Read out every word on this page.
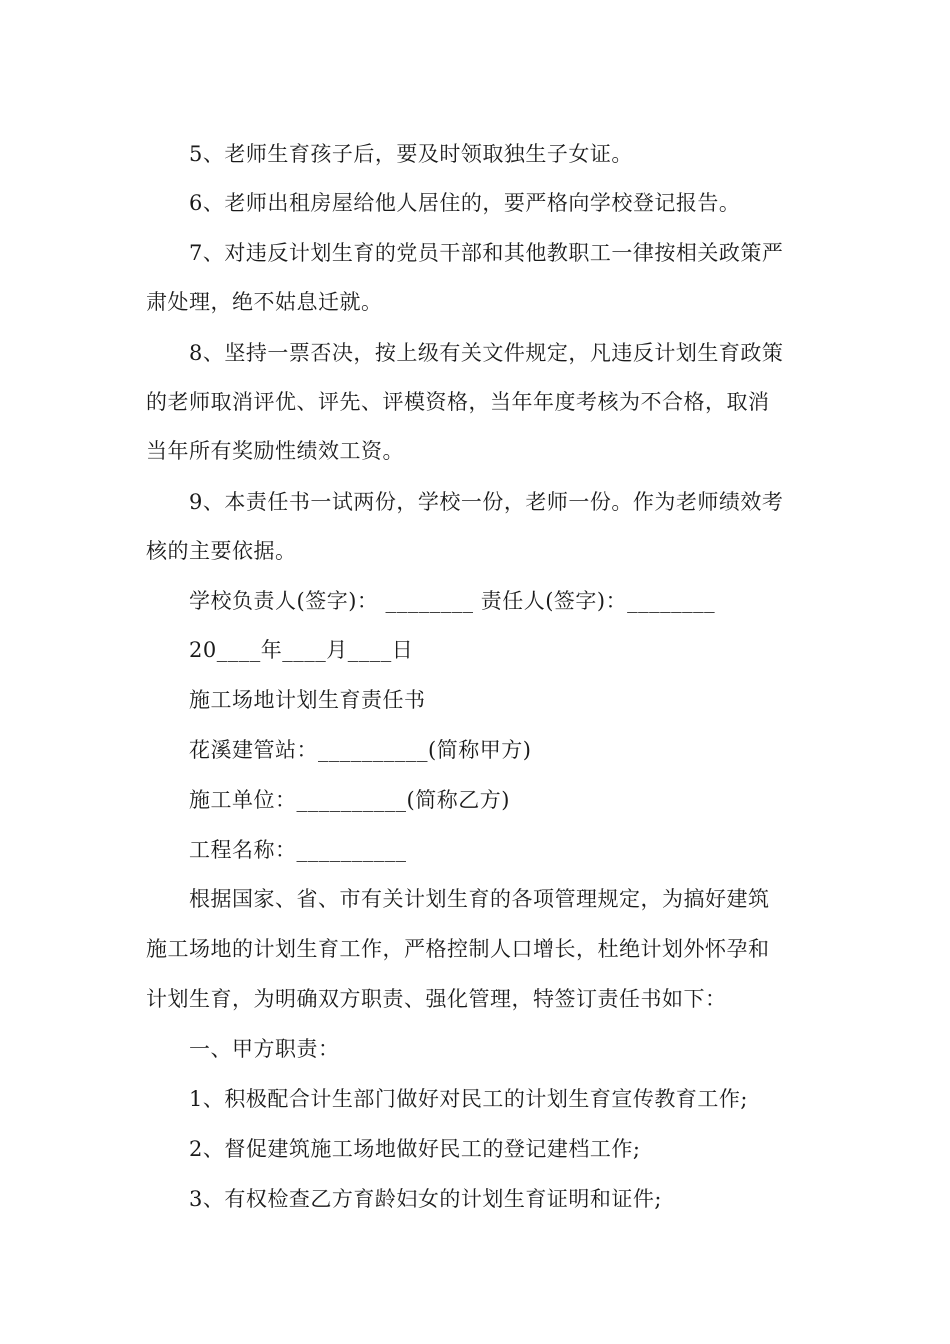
5、老师生育孩子后，要及时领取独生子女证。
6、老师出租房屋给他人居住的，要严格向学校登记报告。
7、对违反计划生育的党员干部和其他教职工一律按相关政策严
肃处理，绝不姑息迁就。
8、坚持一票否决，按上级有关文件规定，凡违反计划生育政策
的老师取消评优、评先、评模资格，当年年度考核为不合格，取消
当年所有奖励性绩效工资。
9、本责任书一试两份，学校一份，老师一份。作为老师绩效考
核的主要依据。
学校负责人(签字)： ________ 责任人(签字)：________
20____年____月____日
施工场地计划生育责任书
花溪建管站：__________(简称甲方)
施工单位：__________(简称乙方)
工程名称：__________
根据国家、省、市有关计划生育的各项管理规定，为搞好建筑
施工场地的计划生育工作，严格控制人口增长，杜绝计划外怀孕和
计划生育，为明确双方职责、强化管理，特签订责任书如下：
一、甲方职责：
1、积极配合计生部门做好对民工的计划生育宣传教育工作;
2、督促建筑施工场地做好民工的登记建档工作;
3、有权检查乙方育龄妇女的计划生育证明和证件;
